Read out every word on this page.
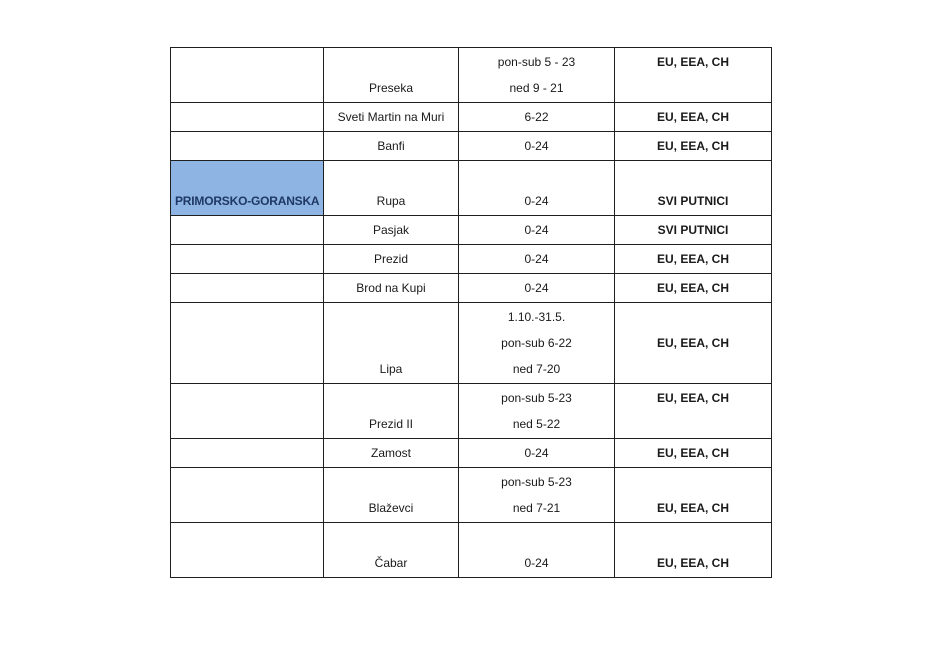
	Preseka	pon-sub 5 - 23
ned 9 - 21	EU, EEA, CH

	Sveti Martin na Muri	6-22	EU, EEA, CH

	Banfi	0-24	EU, EEA, CH

PRIMORSKO-GORANSKA	Rupa	0-24	SVI PUTNICI

	Pasjak	0-24	SVI PUTNICI

	Prezid	0-24	EU, EEA, CH

	Brod na Kupi	0-24	EU, EEA, CH

	Lipa	1.10.-31.5.
pon-sub 6-22
ned 7-20	EU, EEA, CH

	Prezid II	pon-sub 5-23
ned 5-22	EU, EEA, CH

	Zamost	0-24	EU, EEA, CH

	Blaževci	pon-sub 5-23
ned 7-21	EU, EEA, CH

	Čabar	0-24	EU, EEA, CH
